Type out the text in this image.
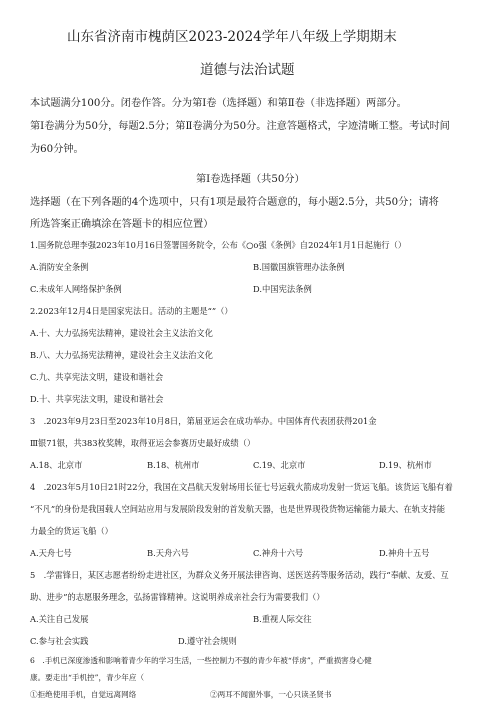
山东省济南市槐荫区2023-2024学年八年级上学期期末
道德与法治试题
本试题满分100分。闭卷作答。分为第Ⅰ卷（选择题）和第Ⅱ卷（非选择题）两部分。
第Ⅰ卷满分为50分，每题2.5分；第Ⅱ卷满分为50分。注意答题格式，字迹清晰工整。考试时间
为60分钟。
第Ⅰ卷选择题（共50分）
选择题（在下列各题的4个选项中，只有1项是最符合题意的，每小题2.5分，共50分；请将
所选答案正确填涂在答题卡的相应位置）
1.国务院总理李强2023年10月16日签署国务院令，公布《○ο强《条例》自2024年1月1日起施行（）
A.消防安全条例	B.国徽国旗管理办法条例
C.未成年人网络保护条例	D.中国宪法条例
2.2023年12月4日是国家宪法日。活动的主题是“”（）
A.十、大力弘扬宪法精神，建设社会主义法治文化
B.八、大力弘扬宪法精神，建设社会主义法治文化
C.九、共享宪法文明，建设和谐社会
D.十、共享宪法文明，建设和谐社会
3　.2023年9月23日至2023年10月8日，第届亚运会在成功举办。中国体育代表团获得201金
Ⅲ银71银，共383枚奖牌，取得亚运会参赛历史最好成绩（）
A.18、北京市	B.18、杭州市	C.19、北京市	D.19、杭州市
4　.2023年5月10日21时22分，我国在文昌航天发射场用长征七号运载火箭成功发射一货运飞船。该货运飞船有着
“不凡”的身份是我国载人空间站应用与发展阶段发射的首发航天器，也是世界现役货物运输能力最大、在轨支持能
力最全的货运飞船（）
A.天舟七号	B.天舟六号	C.神舟十六号	D.神舟十五号
5　.学雷锋日，某区志愿者纷纷走进社区，为群众义务开展法律咨询、送医送药等服务活动，践行“奉献、友爱、互
助、进步”的志愿服务理念，弘扬雷锋精神。这说明养成亲社会行为需要我们（）
A.关注自己发展	B.重视人际交往
C.参与社会实践	D.遵守社会规则
6　.手机已深度渗透和影响着青少年的学习生活，一些控制力不强的青少年被“俘虏”，严重损害身心健
康。要走出“手机控”，青少年应（
①拒绝使用手机，自觉远离网络	②两耳不闻窗外事，一心只读圣贤书
